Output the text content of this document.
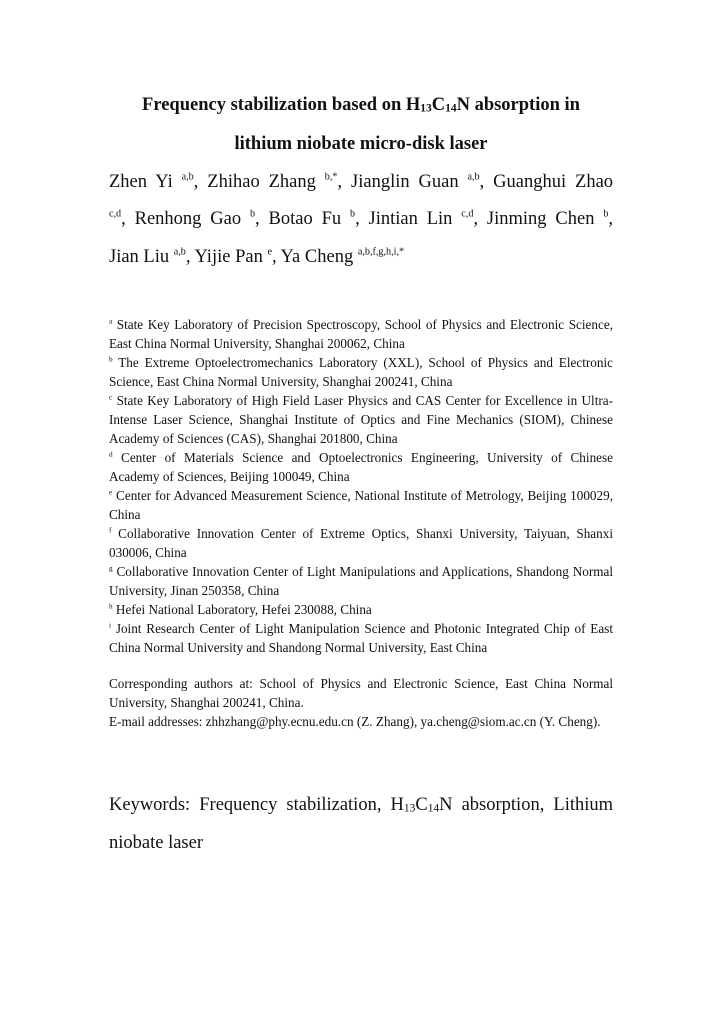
Frequency stabilization based on $H_{13}C_{14}N$ absorption in
lithium niobate micro-disk laser
Zhen Yi $^{a,b}$, Zhihao Zhang $^{b,*}$, Jianglin Guan $^{a,b}$, Guanghui Zhao
$^{c,d}$, Renhong Gao $^b$, Botao Fu $^b$, Jintian Lin $^{c,d}$, Jinming Chen $^b$,
Jian Liu $^{a,b}$, Yijie Pan $^e$, Ya Cheng $^{a,b,f,g,h,i,*}$

$^a$ State Key Laboratory of Precision Spectroscopy, School of Physics and Electronic Science, East China Normal University, Shanghai 200062, China

$^b$ The Extreme Optoelectromechanics Laboratory (XXL), School of Physics and Electronic Science, East China Normal University, Shanghai 200241, China

$^c$ State Key Laboratory of High Field Laser Physics and CAS Center for Excellence in Ultra-Intense Laser Science, Shanghai Institute of Optics and Fine Mechanics (SIOM), Chinese Academy of Sciences (CAS), Shanghai 201800, China

$^d$ Center of Materials Science and Optoelectronics Engineering, University of Chinese Academy of Sciences, Beijing 100049, China

$^e$ Center for Advanced Measurement Science, National Institute of Metrology, Beijing 100029, China

$^f$ Collaborative Innovation Center of Extreme Optics, Shanxi University, Taiyuan, Shanxi 030006, China

$^g$ Collaborative Innovation Center of Light Manipulations and Applications, Shandong Normal University, Jinan 250358, China

$^h$ Hefei National Laboratory, Hefei 230088, China

$^i$ Joint Research Center of Light Manipulation Science and Photonic Integrated Chip of East China Normal University and Shandong Normal University, East China

Corresponding authors at: School of Physics and Electronic Science, East China Normal University, Shanghai 200241, China.

E-mail addresses: zhhzhang@phy.ecnu.edu.cn (Z. Zhang), ya.cheng@siom.ac.cn (Y. Cheng).

Keywords: Frequency stabilization, $H_{13}C_{14}N$ absorption, Lithium
niobate laser
